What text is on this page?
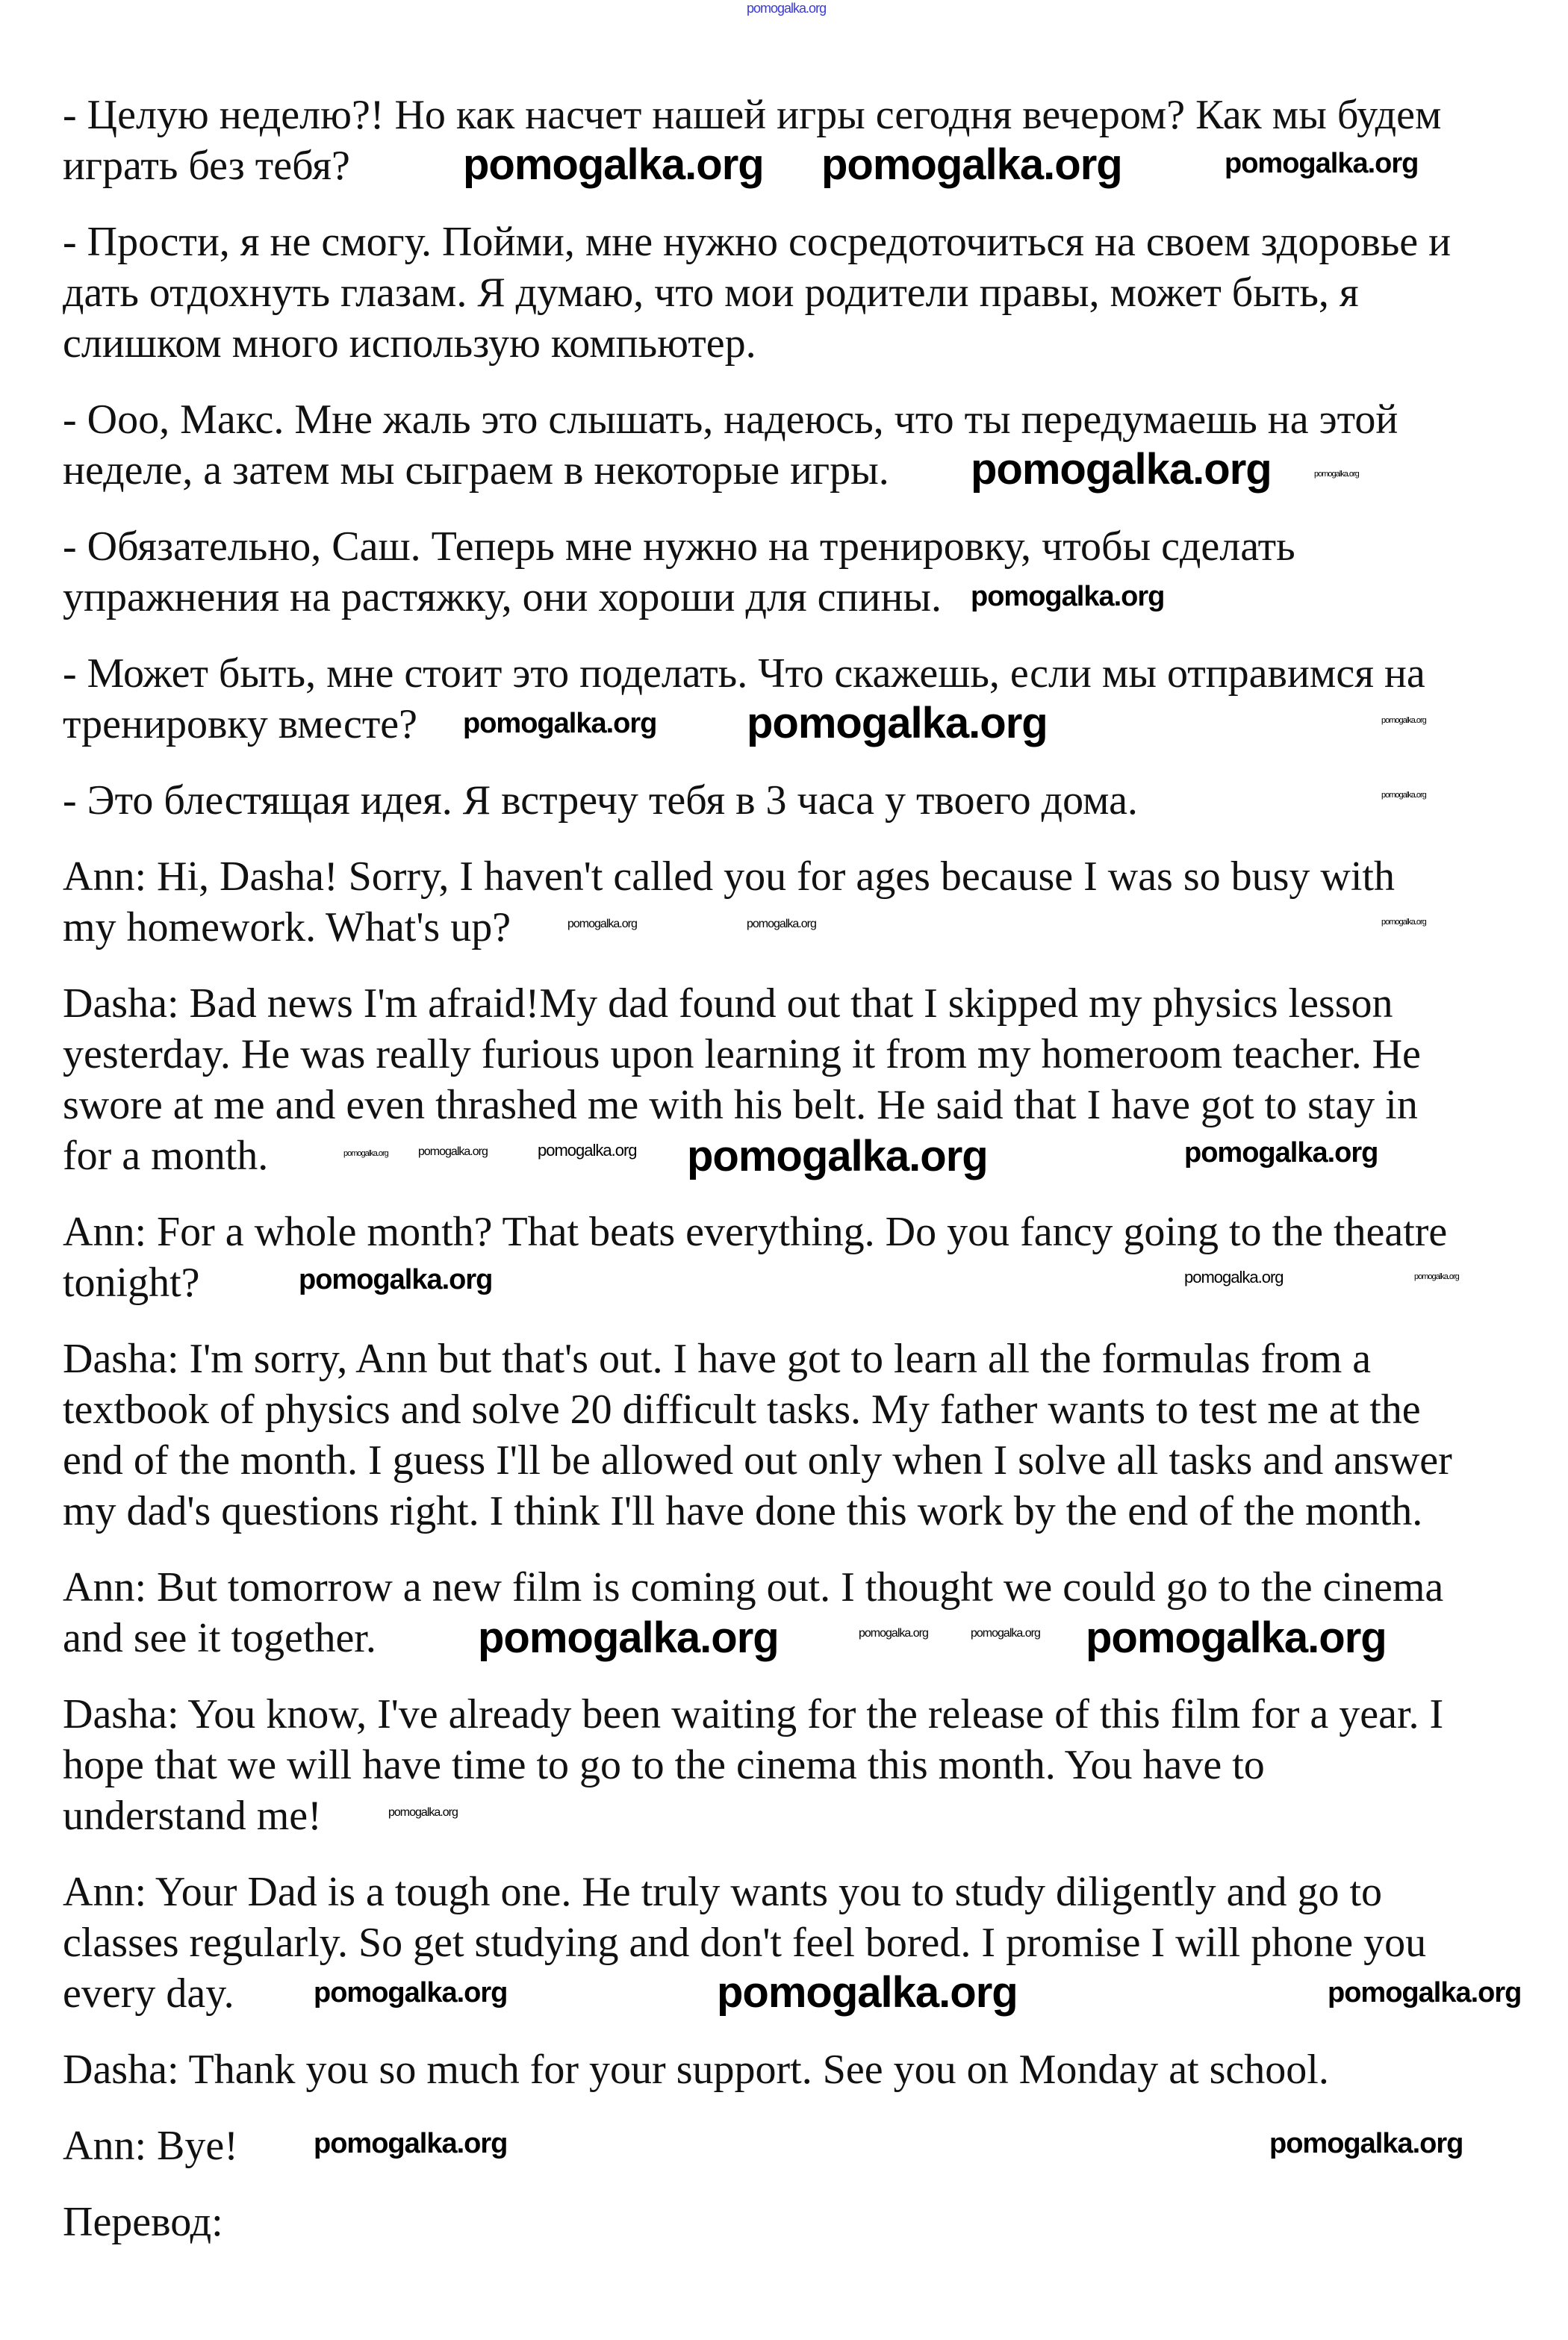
pomogalka.org

- Целую неделю?! Но как насчет нашей игры сегодня вечером? Как мы будем
играть без тебя?

- Прости, я не смогу. Пойми, мне нужно сосредоточиться на своем здоровье и
дать отдохнуть глазам. Я думаю, что мои родители правы, может быть, я
слишком много использую компьютер.

- Ооо, Макс. Мне жаль это слышать, надеюсь, что ты передумаешь на этой
неделе, а затем мы сыграем в некоторые игры.

- Обязательно, Саш. Теперь мне нужно на тренировку, чтобы сделать
упражнения на растяжку, они хороши для спины.

- Может быть, мне стоит это поделать. Что скажешь, если мы отправимся на
тренировку вместе?

- Это блестящая идея. Я встречу тебя в 3 часа у твоего дома.

Ann: Hi, Dasha! Sorry, I haven't called you for ages because I was so busy with
my homework. What's up?

Dasha: Bad news I'm afraid!My dad found out that I skipped my physics lesson
yesterday. He was really furious upon learning it from my homeroom teacher. He
swore at me and even thrashed me with his belt. He said that I have got to stay in
for a month.

Ann: For a whole month? That beats everything. Do you fancy going to the theatre
tonight?

Dasha: I'm sorry, Ann but that's out. I have got to learn all the formulas from a
textbook of physics and solve 20 difficult tasks. My father wants to test me at the
end of the month. I guess I'll be allowed out only when I solve all tasks and answer
my dad's questions right. I think I'll have done this work by the end of the month.

Ann: But tomorrow a new film is coming out. I thought we could go to the cinema
and see it together.

Dasha: You know, I've already been waiting for the release of this film for a year. I
hope that we will have time to go to the cinema this month. You have to
understand me!

Ann: Your Dad is a tough one. He truly wants you to study diligently and go to
classes regularly. So get studying and don't feel bored. I promise I will phone you
every day.

Dasha: Thank you so much for your support. See you on Monday at school.

Ann: Bye!

Перевод:

pomogalka.org pomogalka.org	pomogalka.org
pomogalka.org
pomogalka.org
pomogalka.org
pomogalka.org	pomogalka.org
pomogalka.org
pomogalka.org
pomogalka.org	pomogalka.org
pomogalka.org
pomogalka.org	pomogalka.org	pomogalka.org	pomogalka.org
pomogalka.org
pomogalka.org	pomogalka.org	pomogalka.org
pomogalka.org
pomogalka.org	pomogalka.org pomogalka.org
pomogalka.org
pomogalka.org	pomogalka.org	pomogalka.org
pomogalka.org
pomogalka.org
